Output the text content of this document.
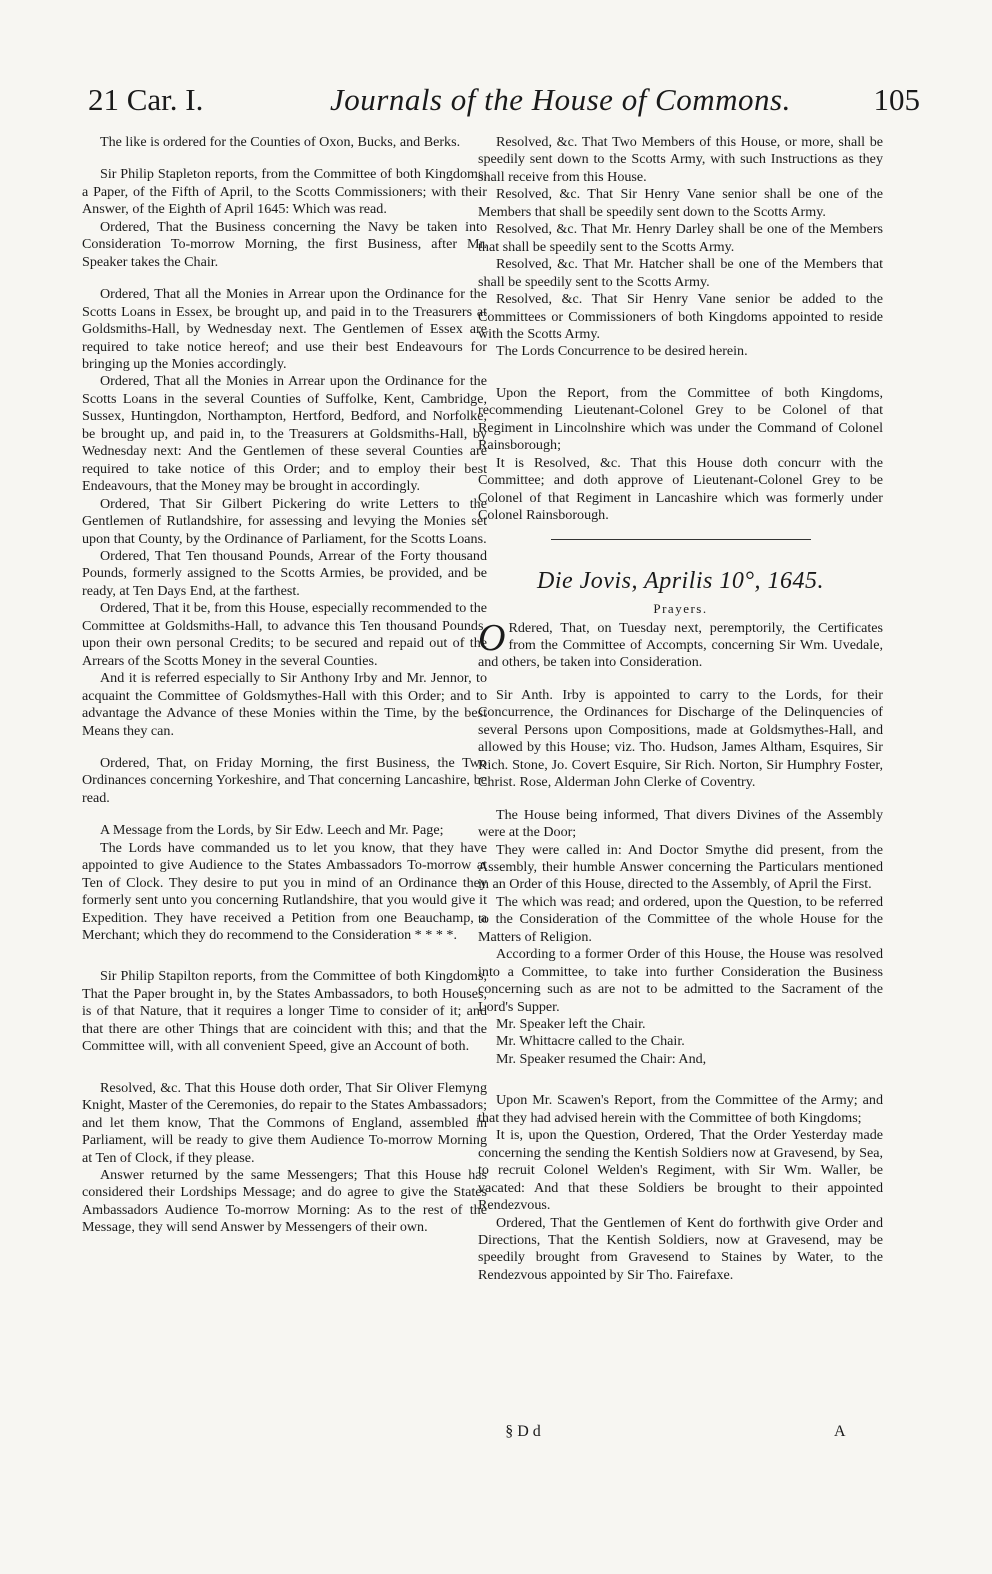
21 Car. I.	Journals of the House of Commons.	105

The like is ordered for the Counties of Oxon, Bucks, and Berks.

Sir Philip Stapleton reports, from the Committee of both Kingdoms, a Paper, of the Fifth of April, to the Scotts Commissioners; with their Answer, of the Eighth of April 1645: Which was read.

Ordered, That the Business concerning the Navy be taken into Consideration To-morrow Morning, the first Business, after Mr. Speaker takes the Chair.

Ordered, That all the Monies in Arrear upon the Ordinance for the Scotts Loans in Essex, be brought up, and paid in to the Treasurers at Goldsmiths-Hall, by Wednesday next. The Gentlemen of Essex are required to take notice hereof; and use their best Endeavours for bringing up the Monies accordingly.

Ordered, That all the Monies in Arrear upon the Ordinance for the Scotts Loans in the several Counties of Suffolke, Kent, Cambridge, Sussex, Huntingdon, Northampton, Hertford, Bedford, and Norfolke, be brought up, and paid in, to the Treasurers at Goldsmiths-Hall, by Wednesday next: And the Gentlemen of these several Counties are required to take notice of this Order; and to employ their best Endeavours, that the Money may be brought in accordingly.

Ordered, That Sir Gilbert Pickering do write Letters to the Gentlemen of Rutlandshire, for assessing and levying the Monies set upon that County, by the Ordinance of Parliament, for the Scotts Loans.

Ordered, That Ten thousand Pounds, Arrear of the Forty thousand Pounds, formerly assigned to the Scotts Armies, be provided, and be ready, at Ten Days End, at the farthest.

Ordered, That it be, from this House, especially recommended to the Committee at Goldsmiths-Hall, to advance this Ten thousand Pounds, upon their own personal Credits; to be secured and repaid out of the Arrears of the Scotts Money in the several Counties.

And it is referred especially to Sir Anthony Irby and Mr. Jennor, to acquaint the Committee of Goldsmythes-Hall with this Order; and to advantage the Advance of these Monies within the Time, by the best Means they can.

Ordered, That, on Friday Morning, the first Business, the Two Ordinances concerning Yorkeshire, and That concerning Lancashire, be read.

A Message from the Lords, by Sir Edw. Leech and Mr. Page;

The Lords have commanded us to let you know, that they have appointed to give Audience to the States Ambassadors To-morrow at Ten of Clock. They desire to put you in mind of an Ordinance they formerly sent unto you concerning Rutlandshire, that you would give it Expedition. They have received a Petition from one Beauchamp, a Merchant; which they do recommend to the Consideration * * * *.

Sir Philip Stapilton reports, from the Committee of both Kingdoms, That the Paper brought in, by the States Ambassadors, to both Houses, is of that Nature, that it requires a longer Time to consider of it; and that there are other Things that are coincident with this; and that the Committee will, with all convenient Speed, give an Account of both.

Resolved, &c. That this House doth order, That Sir Oliver Flemyng Knight, Master of the Ceremonies, do repair to the States Ambassadors; and let them know, That the Commons of England, assembled in Parliament, will be ready to give them Audience To-morrow Morning at Ten of Clock, if they please.

Answer returned by the same Messengers; That this House has considered their Lordships Message; and do agree to give the States Ambassadors Audience To-morrow Morning: As to the rest of the Message, they will send Answer by Messengers of their own.

Resolved, &c. That Two Members of this House, or more, shall be speedily sent down to the Scotts Army, with such Instructions as they shall receive from this House.

Resolved, &c. That Sir Henry Vane senior shall be one of the Members that shall be speedily sent down to the Scotts Army.

Resolved, &c. That Mr. Henry Darley shall be one of the Members that shall be speedily sent to the Scotts Army.

Resolved, &c. That Mr. Hatcher shall be one of the Members that shall be speedily sent to the Scotts Army.

Resolved, &c. That Sir Henry Vane senior be added to the Committees or Commissioners of both Kingdoms appointed to reside with the Scotts Army.

The Lords Concurrence to be desired herein.

Upon the Report, from the Committee of both Kingdoms, recommending Lieutenant-Colonel Grey to be Colonel of that Regiment in Lincolnshire which was under the Command of Colonel Rainsborough;

It is Resolved, &c. That this House doth concurr with the Committee; and doth approve of Lieutenant-Colonel Grey to be Colonel of that Regiment in Lancashire which was formerly under Colonel Rainsborough.

Die Jovis, Aprilis 10°, 1645.
Prayers.

O Rdered, That, on Tuesday next, peremptorily, the Certificates from the Committee of Accompts, concerning Sir Wm. Uvedale, and others, be taken into Consideration.

Sir Anth. Irby is appointed to carry to the Lords, for their Concurrence, the Ordinances for Discharge of the Delinquencies of several Persons upon Compositions, made at Goldsmythes-Hall, and allowed by this House; viz. Tho. Hudson, James Altham, Esquires, Sir Rich. Stone, Jo. Covert Esquire, Sir Rich. Norton, Sir Humphry Foster, Christ. Rose, Alderman John Clerke of Coventry.

The House being informed, That divers Divines of the Assembly were at the Door;

They were called in: And Doctor Smythe did present, from the Assembly, their humble Answer concerning the Particulars mentioned in an Order of this House, directed to the Assembly, of April the First.

The which was read; and ordered, upon the Question, to be referred to the Consideration of the Committee of the whole House for the Matters of Religion.

According to a former Order of this House, the House was resolved into a Committee, to take into further Consideration the Business concerning such as are not to be admitted to the Sacrament of the Lord's Supper.

Mr. Speaker left the Chair.

Mr. Whittacre called to the Chair.

Mr. Speaker resumed the Chair: And,

Upon Mr. Scawen's Report, from the Committee of the Army; and that they had advised herein with the Committee of both Kingdoms;

It is, upon the Question, Ordered, That the Order Yesterday made concerning the sending the Kentish Soldiers now at Gravesend, by Sea, to recruit Colonel Welden's Regiment, with Sir Wm. Waller, be vacated: And that these Soldiers be brought to their appointed Rendezvous.

Ordered, That the Gentlemen of Kent do forthwith give Order and Directions, That the Kentish Soldiers, now at Gravesend, may be speedily brought from Gravesend to Staines by Water, to the Rendezvous appointed by Sir Tho. Fairefaxe.

§ D d	A
